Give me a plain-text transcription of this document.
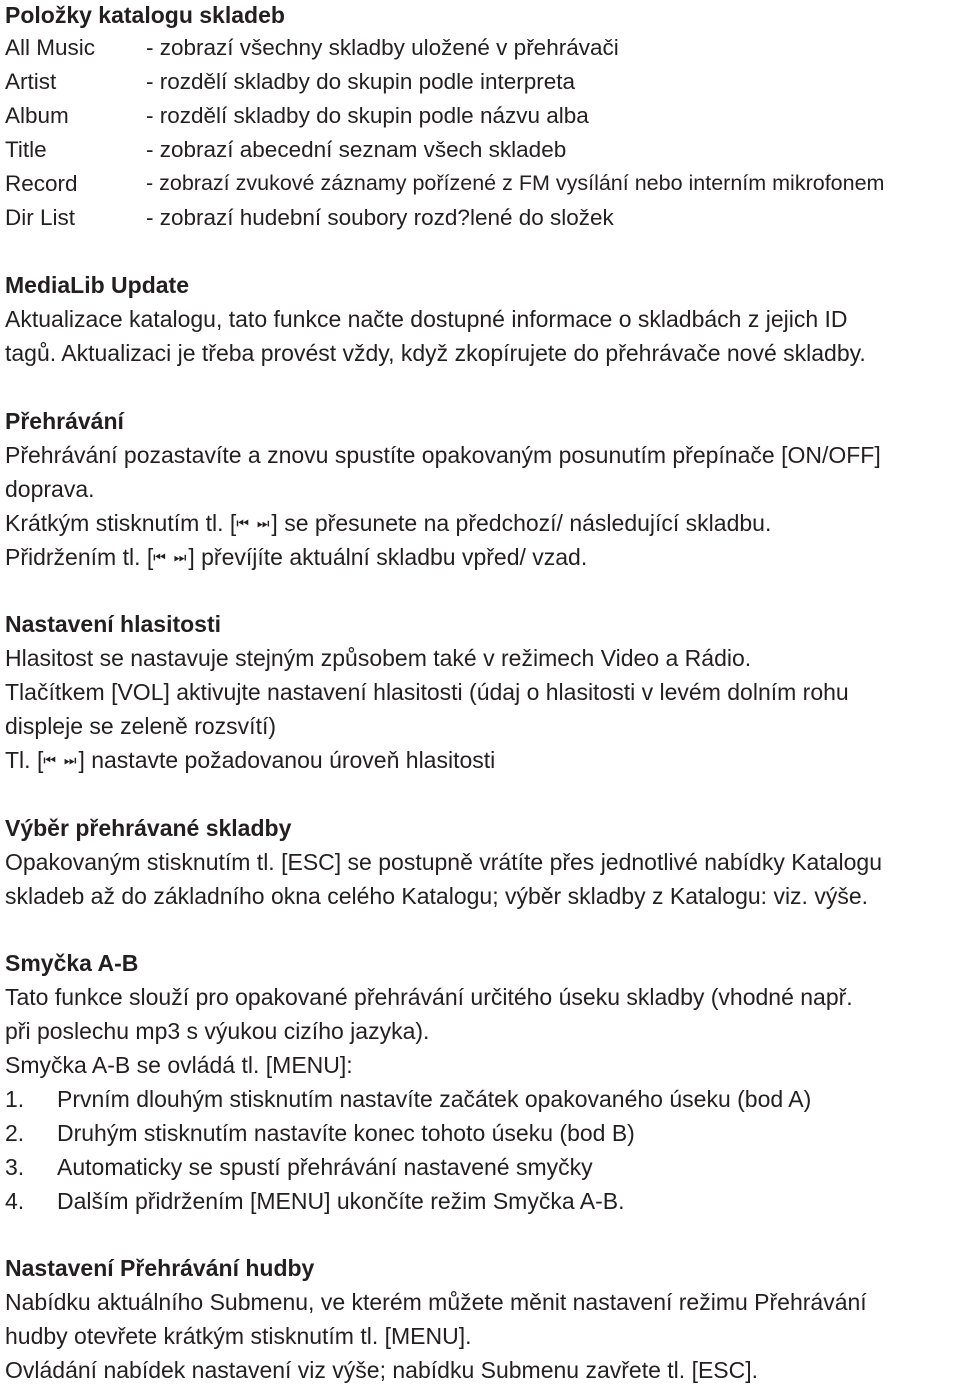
Položky katalogu skladeb
All Music - zobrazí všechny skladby uložené v přehrávači
Artist	- rozdělí skladby do skupin podle interpreta
Album	- rozdělí skladby do skupin podle názvu alba
Title	- zobrazí abecední seznam všech skladeb
Record	- zobrazí zvukové záznamy pořízené z FM vysílání nebo interním mikrofonem
Dir List	- zobrazí hudební soubory rozd?lené do složek
MediaLib Update
Aktualizace katalogu, tato funkce načte dostupné informace o skladbách z jejich ID
tagů. Aktualizaci je třeba provést vždy, když zkopírujete do přehrávače nové skladby.
Přehrávání
Přehrávání pozastavíte a znovu spustíte opakovaným posunutím přepínače [ON/OFF]
doprava.
Krátkým stisknutím tl. [⏮ ⏭] se přesunete na předchozí/ následující skladbu.
Přidržením tl. [⏮ ⏭] převíjíte aktuální skladbu vpřed/ vzad.
Nastavení hlasitosti
Hlasitost se nastavuje stejným způsobem také v režimech Video a Rádio.
Tlačítkem [VOL] aktivujte nastavení hlasitosti (údaj o hlasitosti v levém dolním rohu
displeje se zeleně rozsvítí)
Tl. [⏮ ⏭] nastavte požadovanou úroveň hlasitosti
Výběr přehrávané skladby
Opakovaným stisknutím tl. [ESC] se postupně vrátíte přes jednotlivé nabídky Katalogu
skladeb až do základního okna celého Katalogu; výběr skladby z Katalogu: viz. výše.
Smyčka A-B
Tato funkce slouží pro opakované přehrávání určitého úseku skladby (vhodné např.
při poslechu mp3 s výukou cizího jazyka).
Smyčka A-B se ovládá tl. [MENU]:
1. Prvním dlouhým stisknutím nastavíte začátek opakovaného úseku (bod A)
2. Druhým stisknutím nastavíte konec tohoto úseku (bod B)
3. Automaticky se spustí přehrávání nastavené smyčky
4. Dalším přidržením [MENU] ukončíte režim Smyčka A-B.
Nastavení Přehrávání hudby
Nabídku aktuálního Submenu, ve kterém můžete měnit nastavení režimu Přehrávání
hudby otevřete krátkým stisknutím tl. [MENU].
Ovládání nabídek nastavení viz výše; nabídku Submenu zavřete tl. [ESC].
